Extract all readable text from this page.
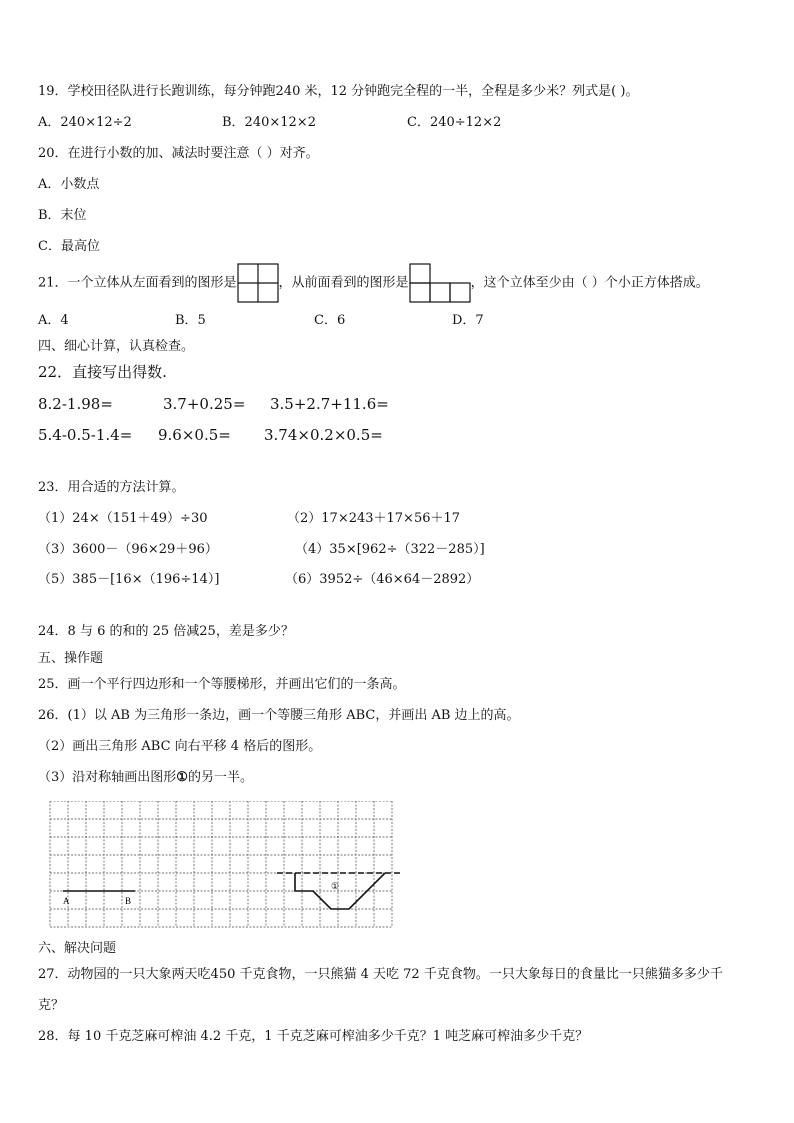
19．学校田径队进行长跑训练，每分钟跑240 米，12 分钟跑完全程的一半，全程是多少米？列式是( )。
A．240×12÷2	B．240×12×2	C．240÷12×2
20．在进行小数的加、减法时要注意（ ）对齐。
A．小数点
B．末位
C．最高位
21．一个立体从左面看到的图形是	，从前面看到的图形是	，这个立体至少由（ ）个小正方体搭成。
A．4	B．5	C．6	D．7
四、细心计算，认真检查。
22．直接写出得数.
8.2-1.98=	3.7+0.25= 3.5+2.7+11.6=
5.4-0.5-1.4= 9.6×0.5= 3.74×0.2×0.5=
23．用合适的方法计算。
（1）24×（151＋49）÷30	（2）17×243＋17×56＋17
（3）3600－（96×29＋96）	（4）35×[962÷（322－285）]
（5）385－[16×（196÷14）]	（6）3952÷（46×64－2892）
24．8 与 6 的和的 25 倍减25，差是多少？
五、操作题
25．画一个平行四边形和一个等腰梯形，并画出它们的一条高。
26．(1）以 AB 为三角形一条边，画一个等腰三角形 ABC，并画出 AB 边上的高。
（2）画出三角形 ABC 向右平移 4 格后的图形。
（3）沿对称轴画出图形①的另一半。
A	B
①
六、解决问题
27．动物园的一只大象两天吃450 千克食物，一只熊猫 4 天吃 72 千克食物。一只大象每日的食量比一只熊猫多多少千
克？
28．每 10 千克芝麻可榨油 4.2 千克，1 千克芝麻可榨油多少千克？1 吨芝麻可榨油多少千克？
